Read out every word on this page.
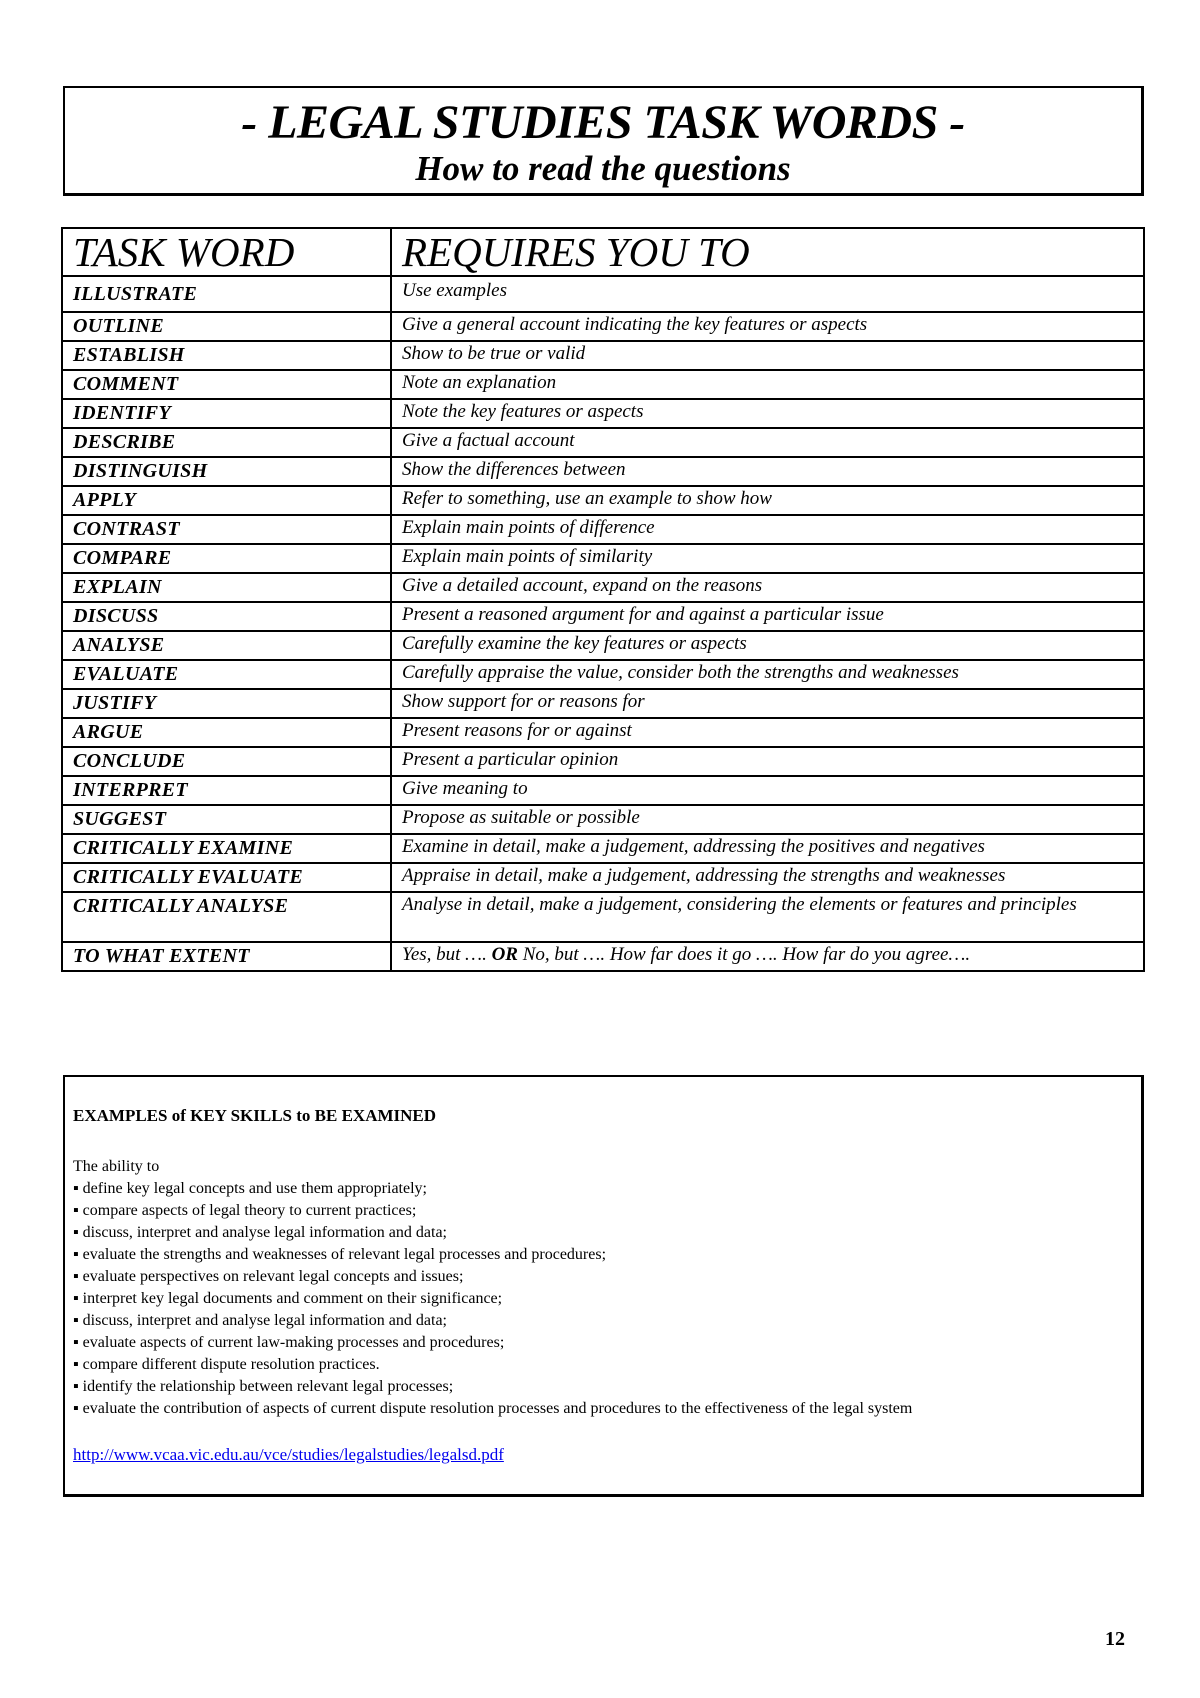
- LEGAL STUDIES TASK WORDS -
How to read the questions
TASK WORD	REQUIRES YOU TO
ILLUSTRATE	Use examples
OUTLINE	Give a general account indicating the key features or aspects
ESTABLISH	Show to be true or valid
COMMENT	Note an explanation
IDENTIFY	Note the key features or aspects
DESCRIBE	Give a factual account
DISTINGUISH	Show the differences between
APPLY	Refer to something, use an example to show how
CONTRAST	Explain main points of difference
COMPARE	Explain main points of similarity
EXPLAIN	Give a detailed account, expand on the reasons
DISCUSS	Present a reasoned argument for and against a particular issue
ANALYSE	Carefully examine the key features or aspects
EVALUATE	Carefully appraise the value, consider both the strengths and weaknesses
JUSTIFY	Show support for or reasons for
ARGUE	Present reasons for or against
CONCLUDE	Present a particular opinion
INTERPRET	Give meaning to
SUGGEST	Propose as suitable or possible
CRITICALLY EXAMINE	Examine in detail, make a judgement, addressing the positives and negatives
CRITICALLY EVALUATE	Appraise in detail, make a judgement, addressing the strengths and weaknesses
CRITICALLY ANALYSE	Analyse in detail, make a judgement, considering the elements or features and principles
TO WHAT EXTENT	Yes, but …. OR No, but …. How far does it go …. How far do you agree….
EXAMPLES of KEY SKILLS to BE EXAMINED

The ability to

▪ define key legal concepts and use them appropriately;
▪ compare aspects of legal theory to current practices;
▪ discuss, interpret and analyse legal information and data;
▪ evaluate the strengths and weaknesses of relevant legal processes and procedures;
▪ evaluate perspectives on relevant legal concepts and issues;
▪ interpret key legal documents and comment on their significance;
▪ discuss, interpret and analyse legal information and data;
▪ evaluate aspects of current law-making processes and procedures;
▪ compare different dispute resolution practices.
▪ identify the relationship between relevant legal processes;
▪ evaluate the contribution of aspects of current dispute resolution processes and procedures to the effectiveness of the legal system
http://www.vcaa.vic.edu.au/vce/studies/legalstudies/legalsd.pdf
12
